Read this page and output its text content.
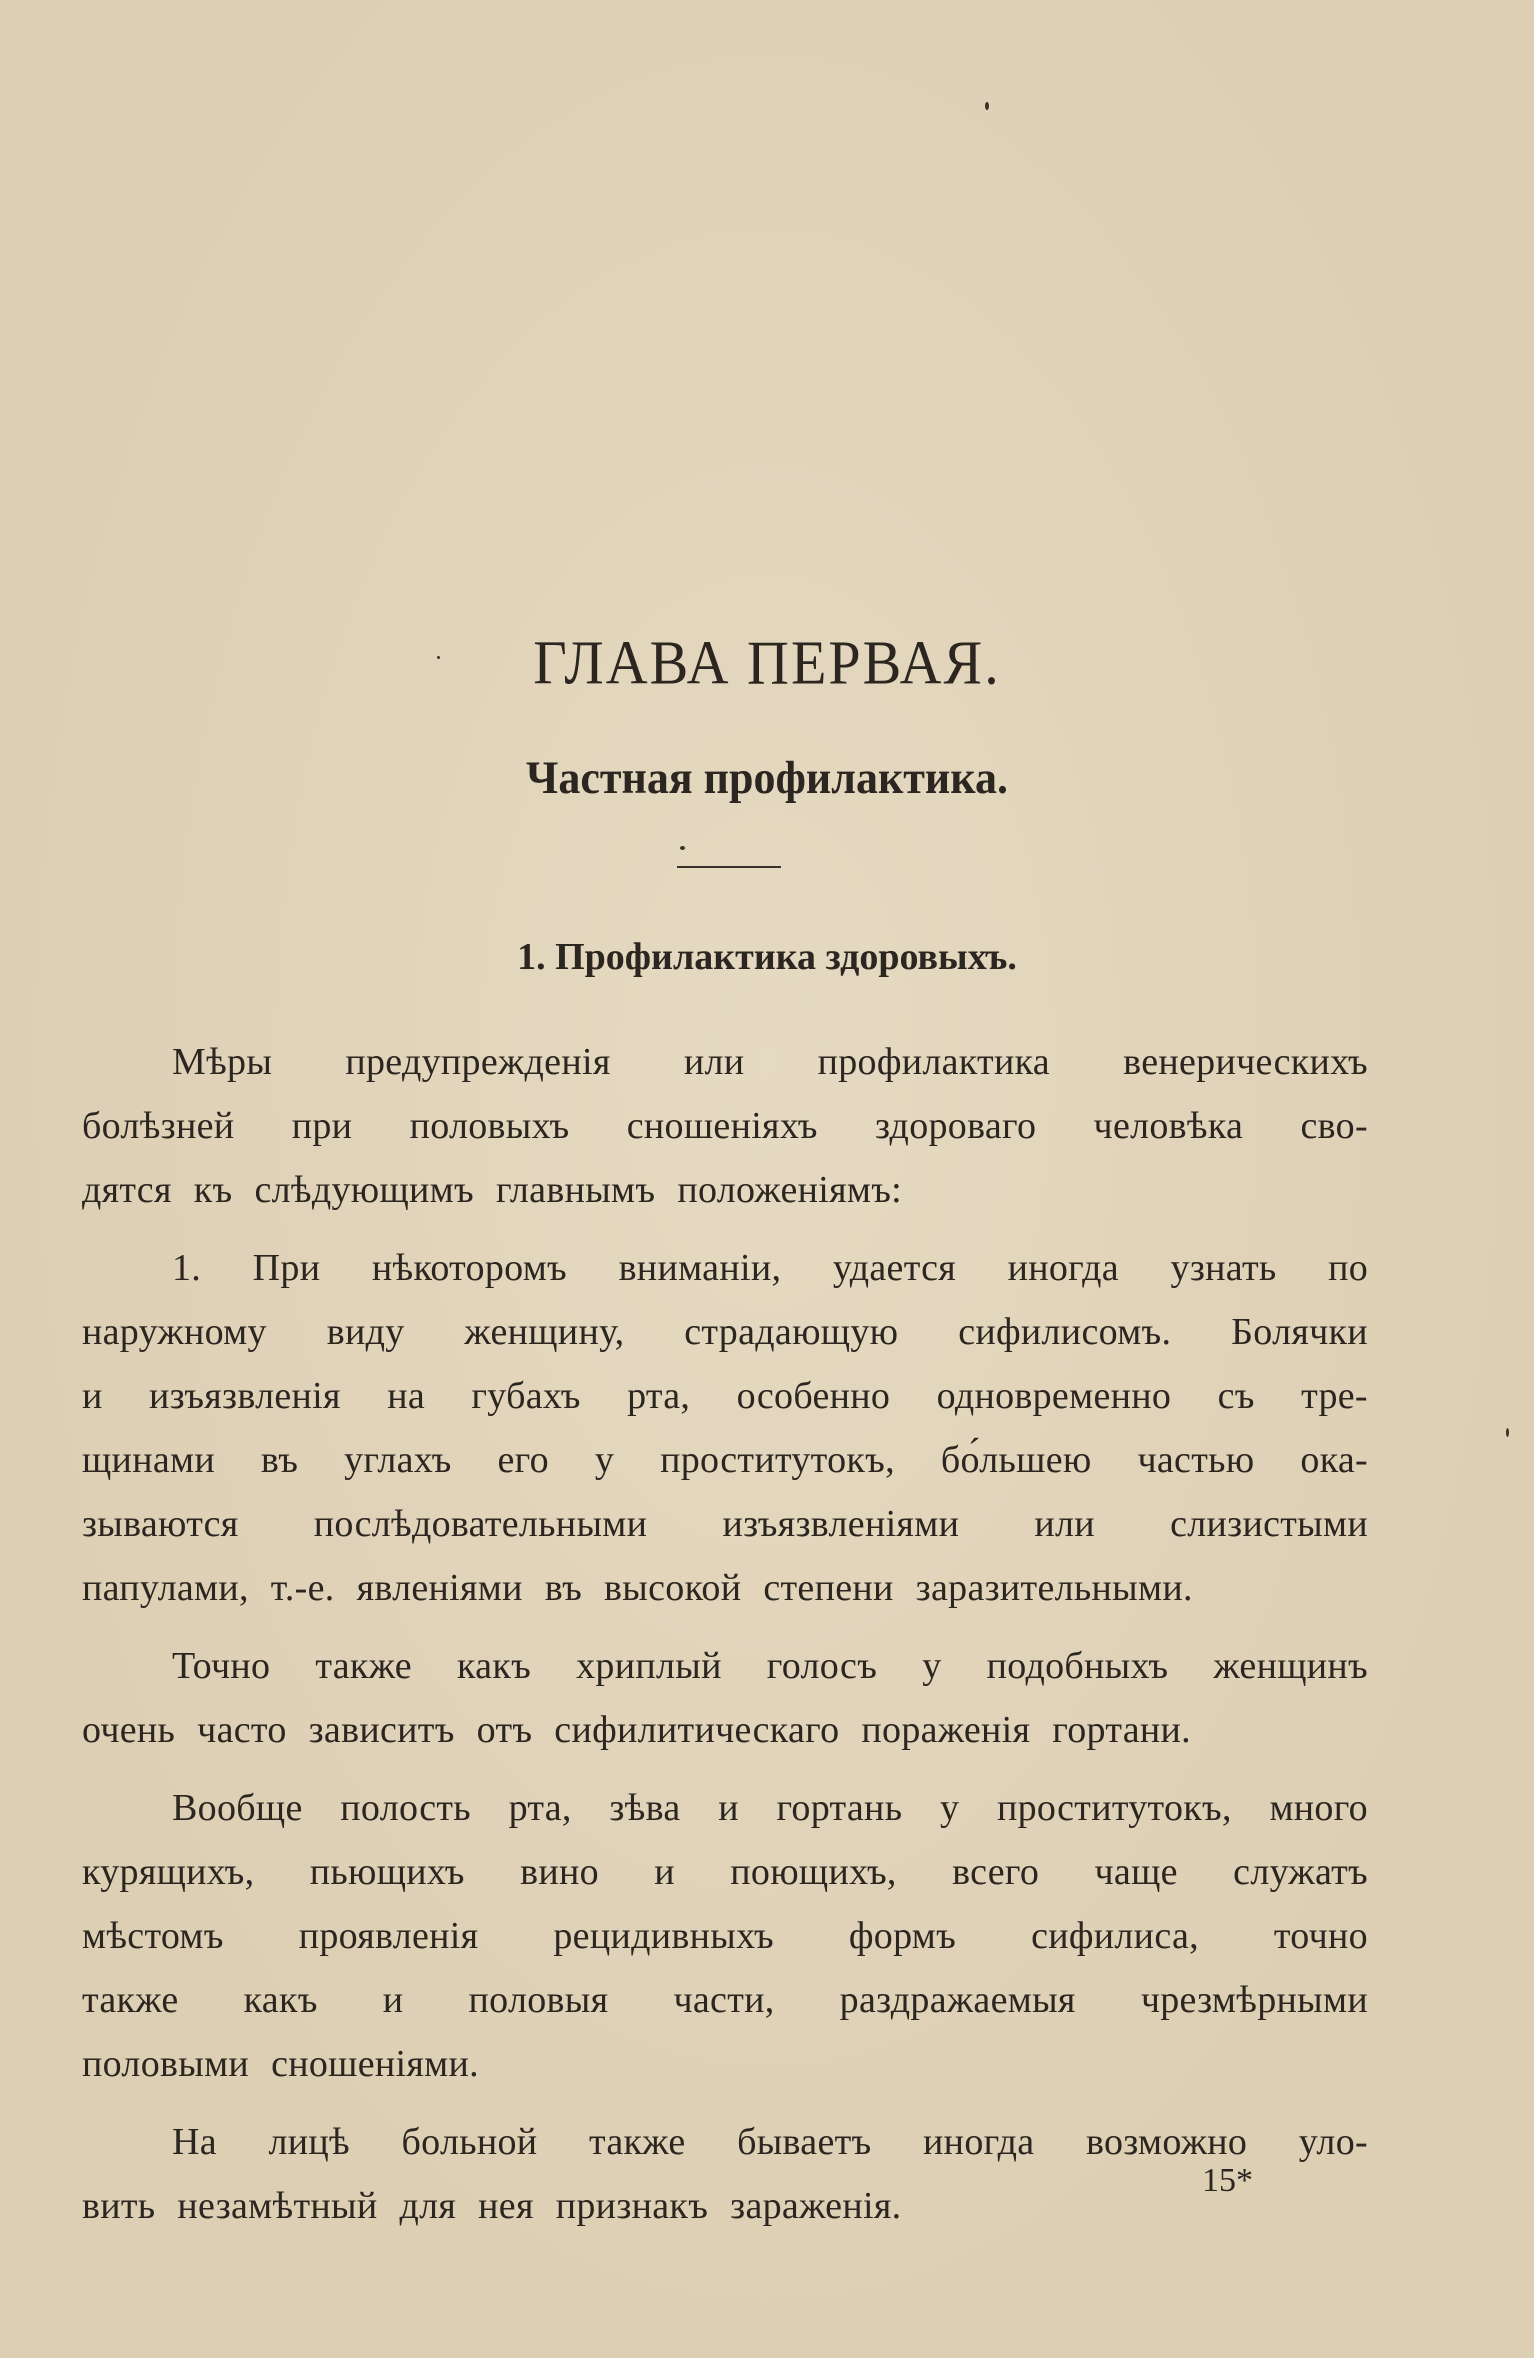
ГЛАВА ПЕРВАЯ.
Частная профилактика.
1. Профилактика здоровыхъ.
Мѣры предупрежденія или профилактика венерическихъ
болѣзней при половыхъ сношеніяхъ здороваго человѣка сво-
дятся къ слѣдующимъ главнымъ положеніямъ:
1. При нѣкоторомъ вниманіи, удается иногда узнать по
наружному виду женщину, страдающую сифилисомъ. Болячки
и изъязвленія на губахъ рта, особенно одновременно съ тре-
щинами въ углахъ его у проститутокъ, бо́льшею частью ока-
зываются послѣдовательными изъязвленіями или слизистыми
папулами, т.-е. явленіями въ высокой степени заразительными.
Точно также какъ хриплый голосъ у подобныхъ женщинъ
очень часто зависитъ отъ сифилитическаго пораженія гортани.
Вообще полость рта, зѣва и гортань у проститутокъ, много
курящихъ, пьющихъ вино и поющихъ, всего чаще служатъ
мѣстомъ проявленія рецидивныхъ формъ сифилиса, точно
также какъ и половыя части, раздражаемыя чрезмѣрными
половыми сношеніями.
На лицѣ больной также бываетъ иногда возможно уло-
вить незамѣтный для нея признакъ зараженія.
15*
